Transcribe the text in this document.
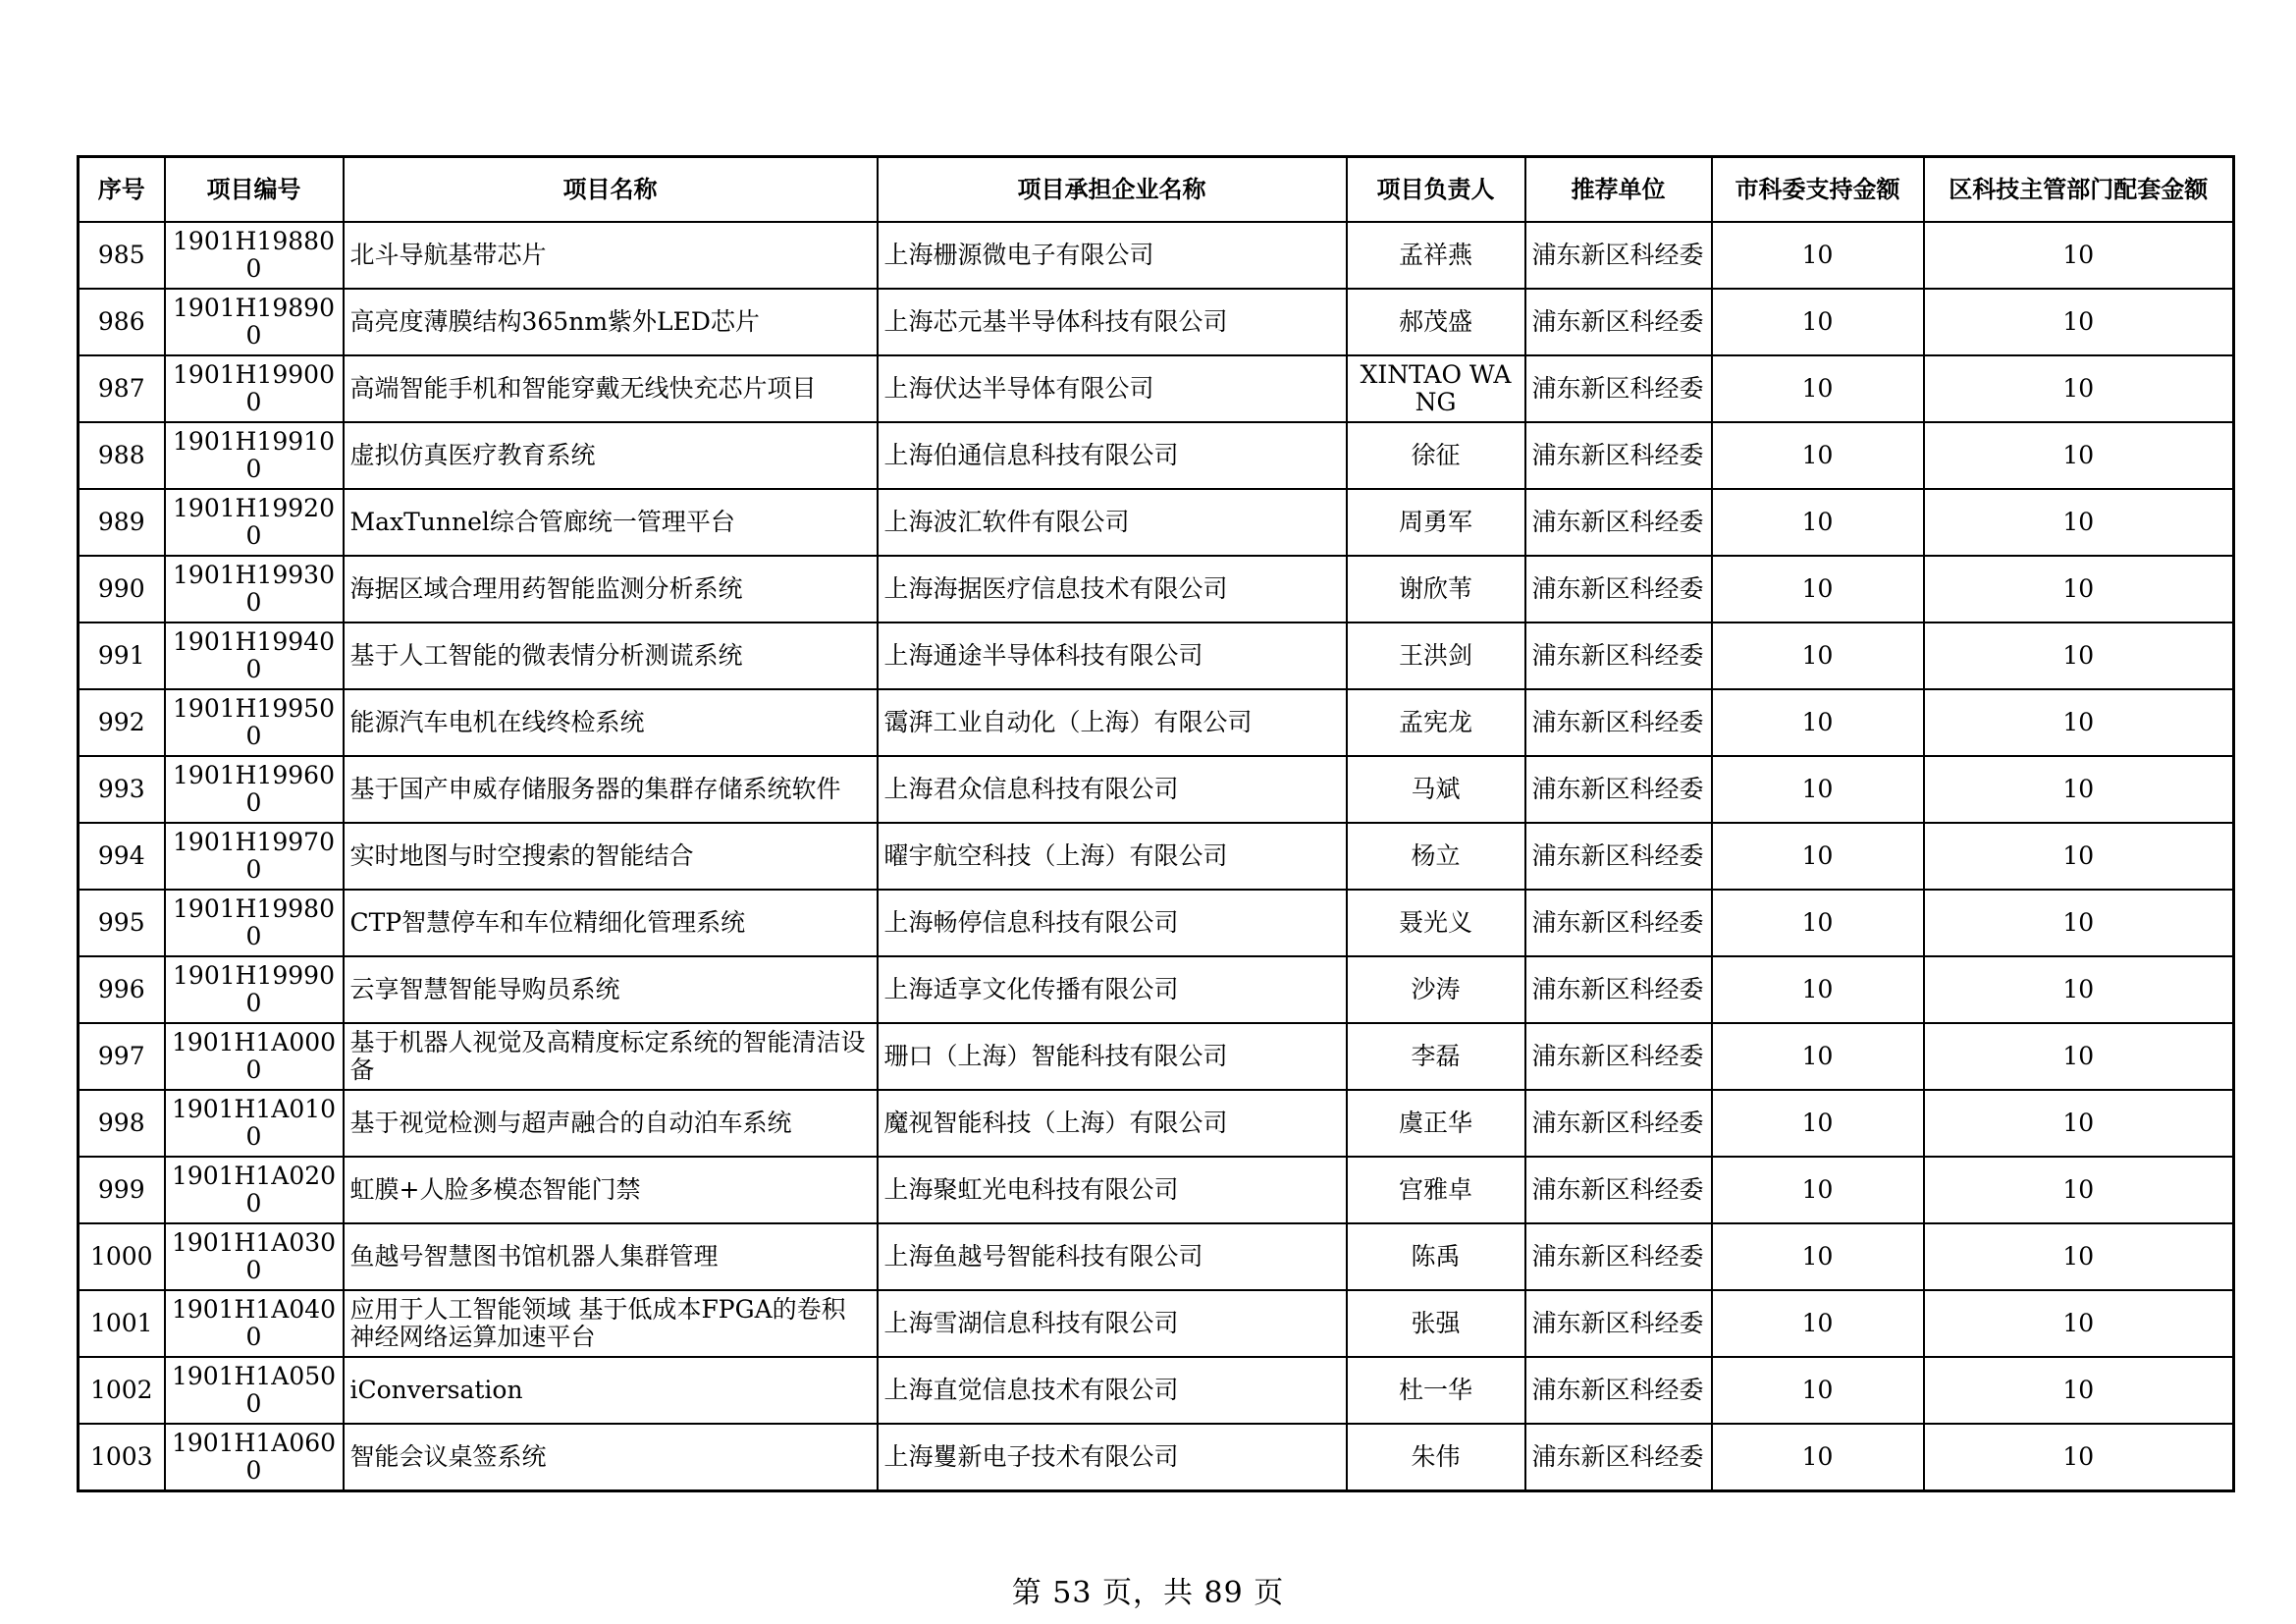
序号	项目编号	项目名称	项目承担企业名称	项目负责人	推荐单位	市科委支持金额	区科技主管部门配套金额
985	1901H198800	北斗导航基带芯片	上海栅源微电子有限公司	孟祥燕	浦东新区科经委	10	10
986	1901H198900	高亮度薄膜结构365nm紫外LED芯片	上海芯元基半导体科技有限公司	郝茂盛	浦东新区科经委	10	10
987	1901H199000	高端智能手机和智能穿戴无线快充芯片项目	上海伏达半导体有限公司	XINTAO WANG	浦东新区科经委	10	10
988	1901H199100	虚拟仿真医疗教育系统	上海伯通信息科技有限公司	徐征	浦东新区科经委	10	10
989	1901H199200	MaxTunnel综合管廊统一管理平台	上海波汇软件有限公司	周勇军	浦东新区科经委	10	10
990	1901H199300	海据区域合理用药智能监测分析系统	上海海据医疗信息技术有限公司	谢欣苇	浦东新区科经委	10	10
991	1901H199400	基于人工智能的微表情分析测谎系统	上海通途半导体科技有限公司	王洪剑	浦东新区科经委	10	10
992	1901H199500	能源汽车电机在线终检系统	霭湃工业自动化（上海）有限公司	孟宪龙	浦东新区科经委	10	10
993	1901H199600	基于国产申威存储服务器的集群存储系统软件	上海君众信息科技有限公司	马斌	浦东新区科经委	10	10
994	1901H199700	实时地图与时空搜索的智能结合	曜宇航空科技（上海）有限公司	杨立	浦东新区科经委	10	10
995	1901H199800	CTP智慧停车和车位精细化管理系统	上海畅停信息科技有限公司	聂光义	浦东新区科经委	10	10
996	1901H199900	云享智慧智能导购员系统	上海适享文化传播有限公司	沙涛	浦东新区科经委	10	10
997	1901H1A0000	基于机器人视觉及高精度标定系统的智能清洁设备	珊口（上海）智能科技有限公司	李磊	浦东新区科经委	10	10
998	1901H1A0100	基于视觉检测与超声融合的自动泊车系统	魔视智能科技（上海）有限公司	虞正华	浦东新区科经委	10	10
999	1901H1A0200	虹膜+人脸多模态智能门禁	上海聚虹光电科技有限公司	宫雅卓	浦东新区科经委	10	10
1000	1901H1A0300	鱼越号智慧图书馆机器人集群管理	上海鱼越号智能科技有限公司	陈禹	浦东新区科经委	10	10
1001	1901H1A0400	应用于人工智能领域 基于低成本FPGA的卷积神经网络运算加速平台	上海雪湖信息科技有限公司	张强	浦东新区科经委	10	10
1002	1901H1A0500	iConversation	上海直觉信息技术有限公司	杜一华	浦东新区科经委	10	10
1003	1901H1A0600	智能会议桌签系统	上海矍新电子技术有限公司	朱伟	浦东新区科经委	10	10
第 53 页，共 89 页
